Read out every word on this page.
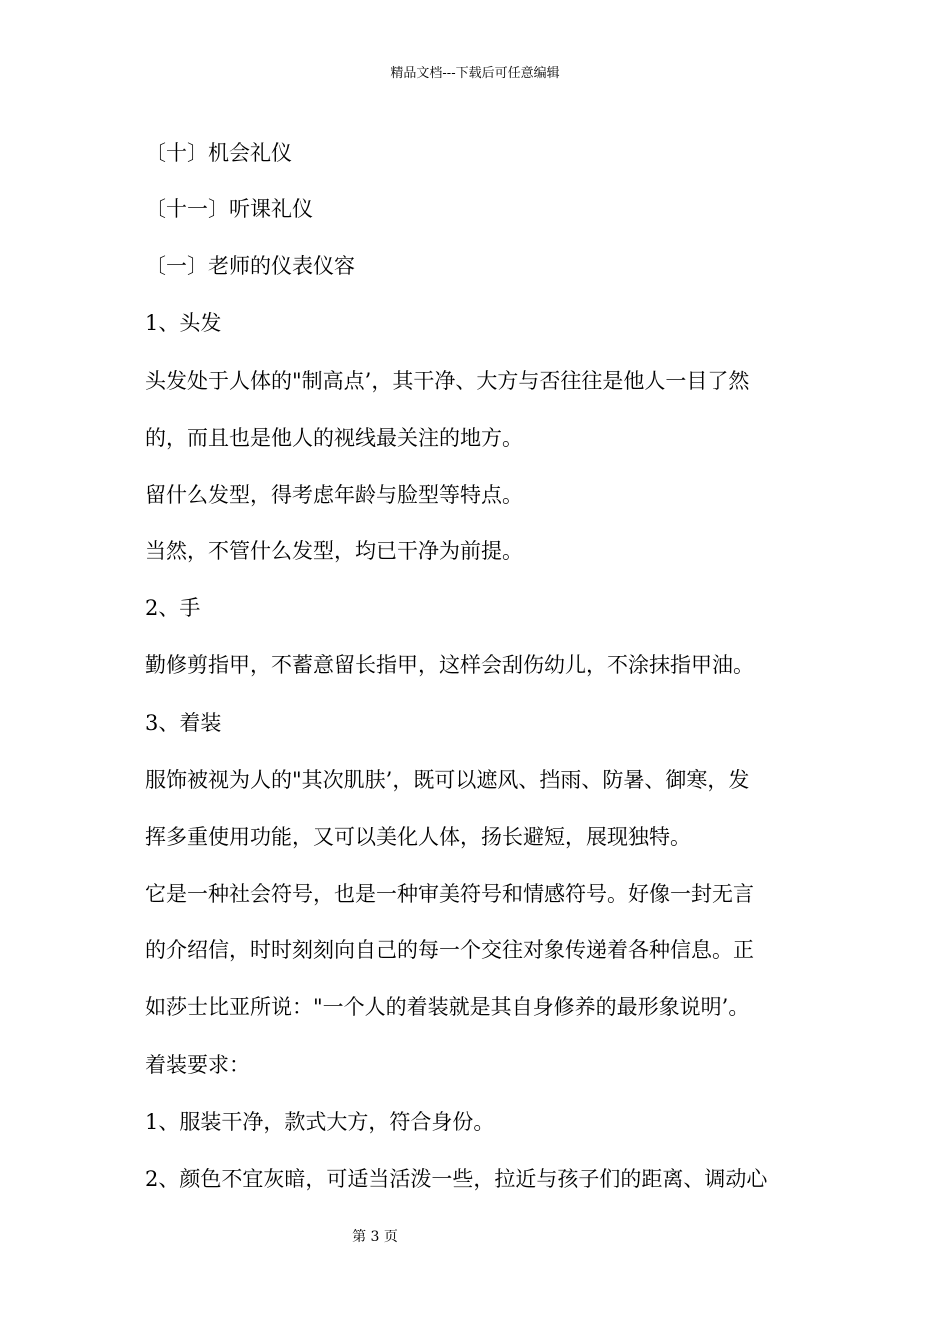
精品文档---下载后可任意编辑
〔十〕机会礼仪
〔十一〕听课礼仪
〔一〕老师的仪表仪容
1、头发
头发处于人体的"制高点’，其干净、大方与否往往是他人一目了然
的，而且也是他人的视线最关注的地方。
留什么发型，得考虑年龄与脸型等特点。
当然，不管什么发型，均已干净为前提。
2、手
勤修剪指甲，不蓄意留长指甲，这样会刮伤幼儿，不涂抹指甲油。
3、着装
服饰被视为人的"其次肌肤’，既可以遮风、挡雨、防暑、御寒，发
挥多重使用功能，又可以美化人体，扬长避短，展现独特。
它是一种社会符号，也是一种审美符号和情感符号。好像一封无言
的介绍信，时时刻刻向自己的每一个交往对象传递着各种信息。正
如莎士比亚所说："一个人的着装就是其自身修养的最形象说明’。
着装要求：
1、服装干净，款式大方，符合身份。
2、颜色不宜灰暗，可适当活泼一些，拉近与孩子们的距离、调动心
第 3 页
